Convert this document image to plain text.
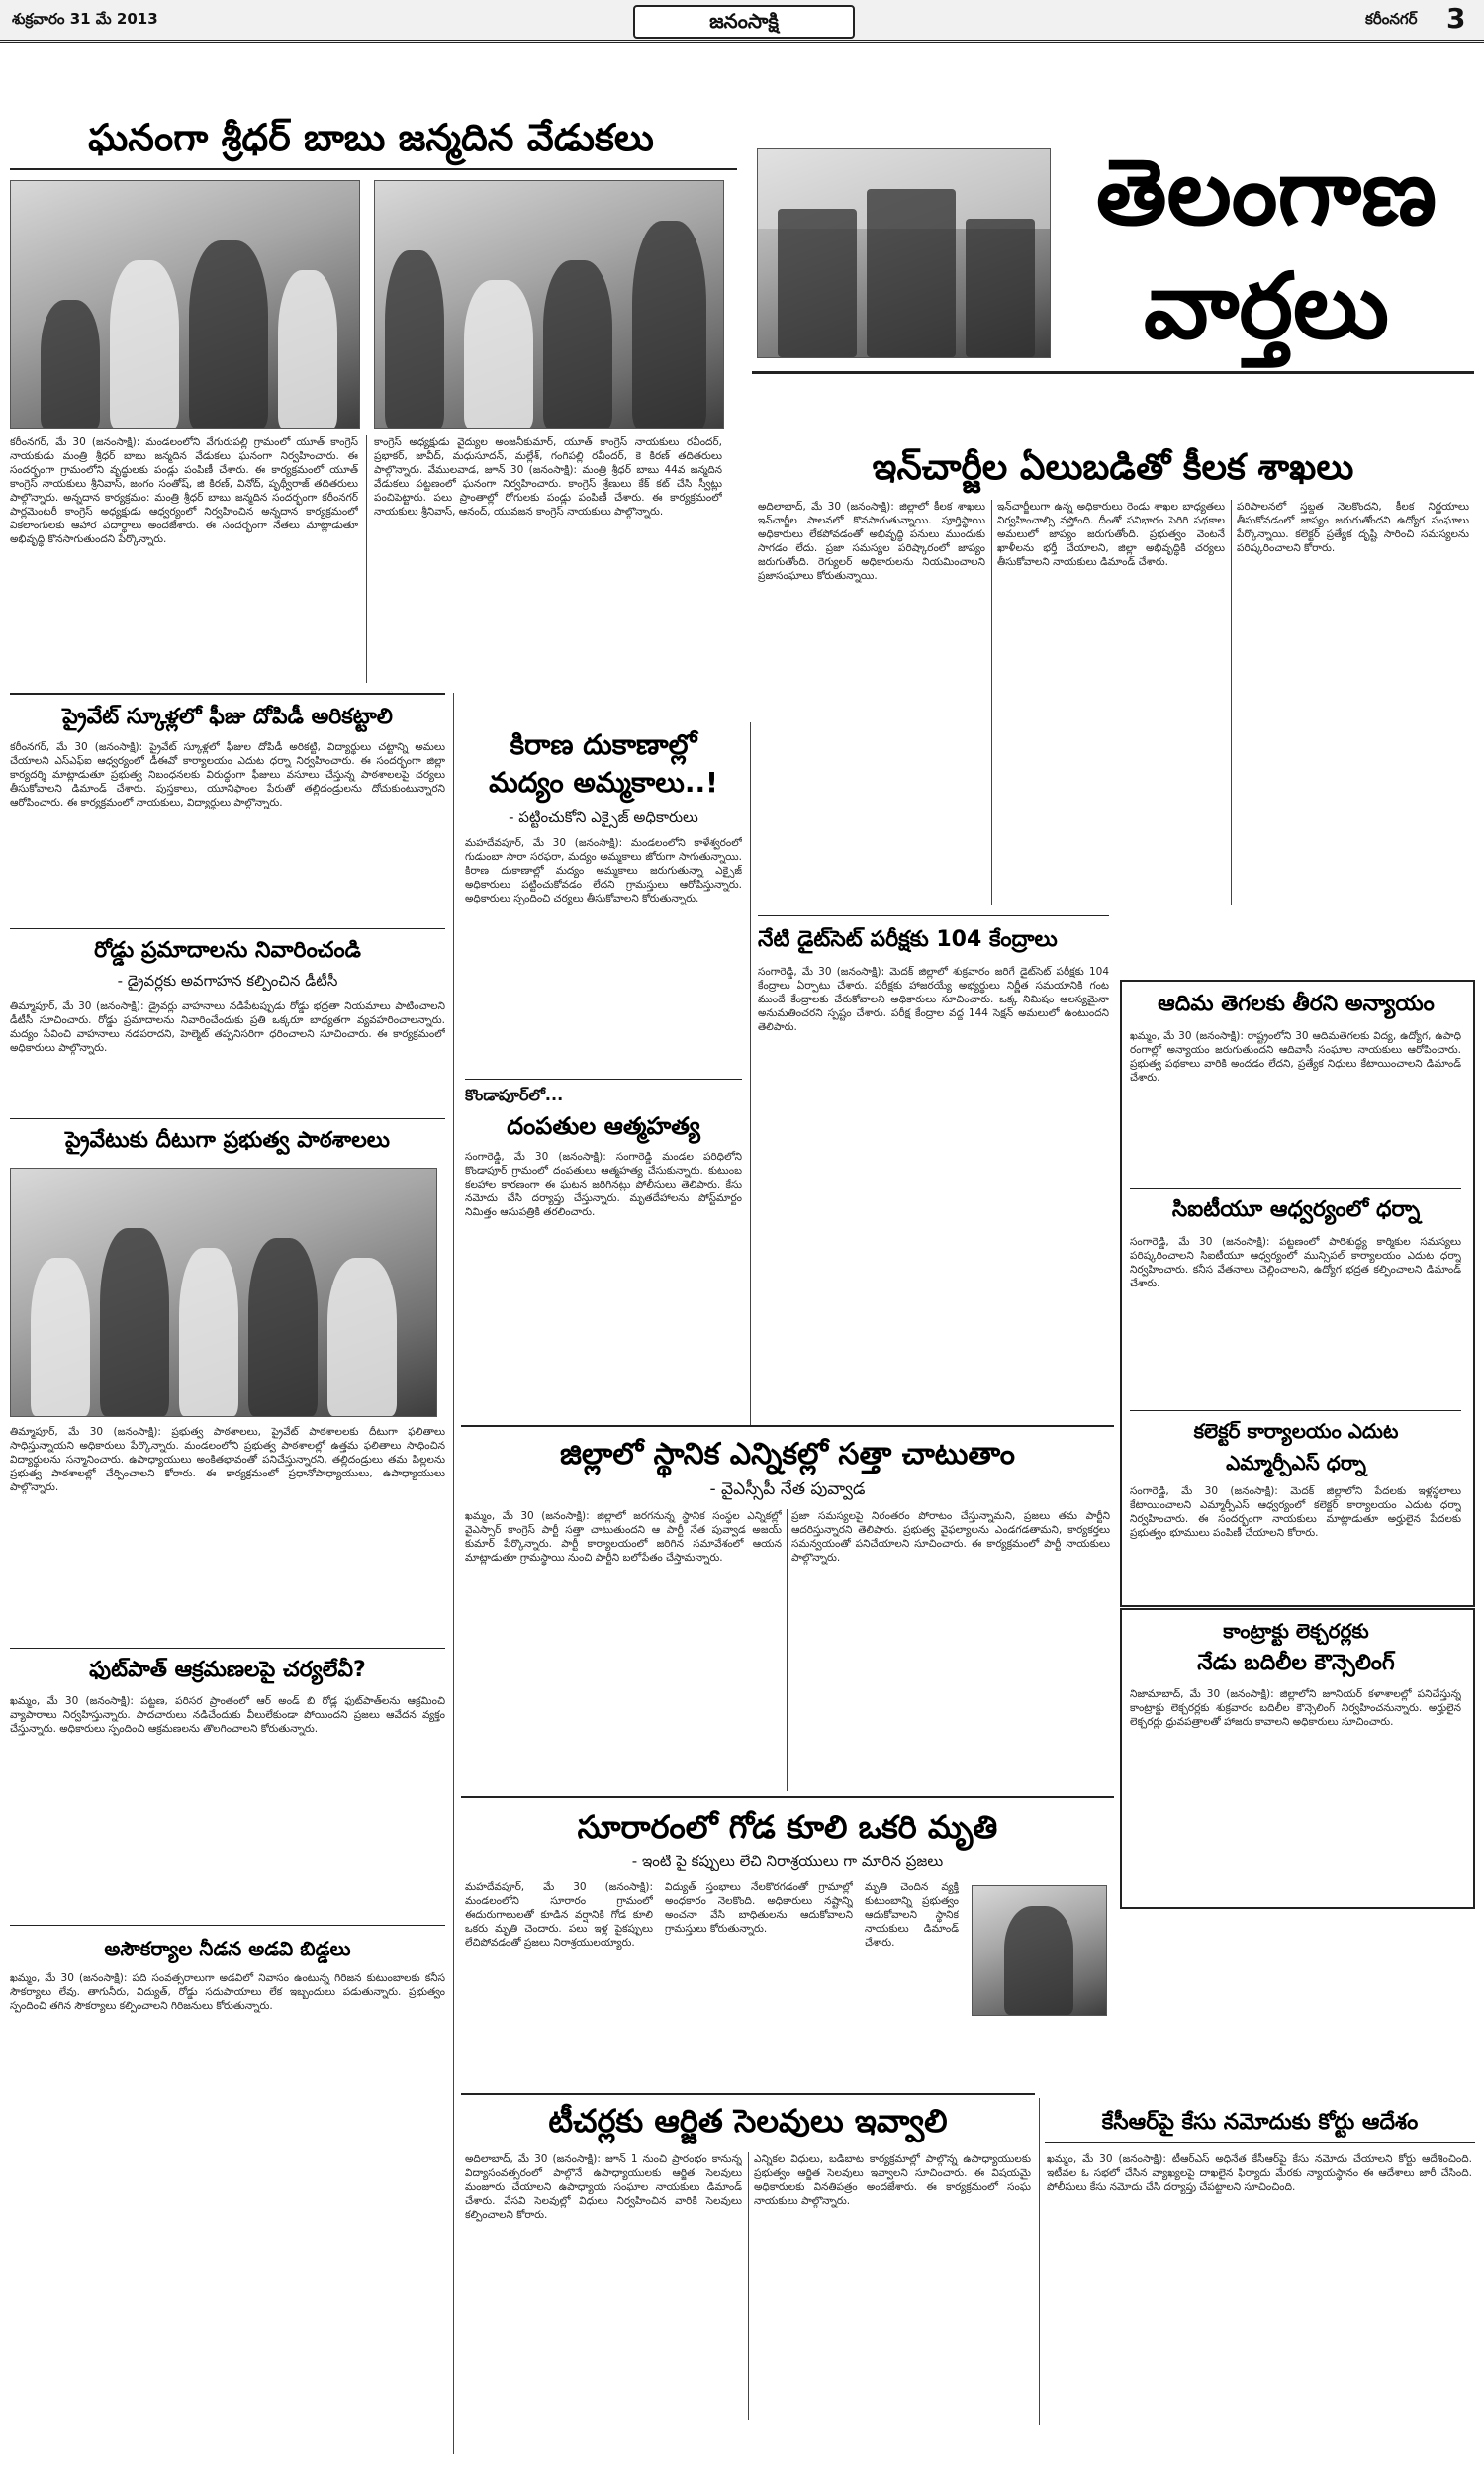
శుక్రవారం 31 మే 2013	జనంసాక్షి	కరీంనగర్ 3
ఘనంగా శ్రీధర్ బాబు జన్మదిన వేడుకలు
కరీంనగర్, మే 30 (జనంసాక్షి): మండలంలోని వేగురుపల్లి గ్రామంలో యూత్ కాంగ్రెస్ నాయకుడు మంత్రి శ్రీధర్ బాబు జన్మదిన వేడుకలు ఘనంగా నిర్వహించారు. ఈ సందర్భంగా గ్రామంలోని వృద్ధులకు పండ్లు పంపిణీ చేశారు. ఈ కార్యక్రమంలో యూత్ కాంగ్రెస్ నాయకులు శ్రీనివాస్, జంగం సంతోష్, జి కిరణ్, వినోద్, పృథ్వీరాజ్ తదితరులు పాల్గొన్నారు. అన్నదాన కార్యక్రమం: మంత్రి శ్రీధర్ బాబు జన్మదిన సందర్భంగా కరీంనగర్ పార్లమెంటరీ కాంగ్రెస్ అధ్యక్షుడు ఆధ్వర్యంలో నిర్వహించిన అన్నదాన కార్యక్రమంలో వికలాంగులకు ఆహార పదార్థాలు అందజేశారు. ఈ సందర్భంగా నేతలు మాట్లాడుతూ అభివృద్ధి కొనసాగుతుందని పేర్కొన్నారు.
కాంగ్రెస్ అధ్యక్షుడు వైద్యుల అంజనీకుమార్, యూత్ కాంగ్రెస్ నాయకులు రవీందర్, ప్రభాకర్, జావీద్, మధుసూదన్, మల్లేశ్, గంగిపల్లి రవీందర్, కె కిరణ్ తదితరులు పాల్గొన్నారు. వేములవాడ, జూన్ 30 (జనంసాక్షి): మంత్రి శ్రీధర్ బాబు 44వ జన్మదిన వేడుకలు పట్టణంలో ఘనంగా నిర్వహించారు. కాంగ్రెస్ శ్రేణులు కేక్ కట్ చేసి స్వీట్లు పంచిపెట్టారు. పలు ప్రాంతాల్లో రోగులకు పండ్లు పంపిణీ చేశారు. ఈ కార్యక్రమంలో నాయకులు శ్రీనివాస్, ఆనంద్, యువజన కాంగ్రెస్ నాయకులు పాల్గొన్నారు.
తెలంగాణ
వార్తలు
ప్రైవేట్ స్కూళ్లలో ఫీజు దోపిడీ అరికట్టాలి
కరీంనగర్, మే 30 (జనంసాక్షి): ప్రైవేట్ స్కూళ్లలో ఫీజుల దోపిడీ అరికట్టి, విద్యార్థులు చట్టాన్ని అమలు చేయాలని ఎస్ఎఫ్ఐ ఆధ్వర్యంలో డీఈవో కార్యాలయం ఎదుట ధర్నా నిర్వహించారు. ఈ సందర్భంగా జిల్లా కార్యదర్శి మాట్లాడుతూ ప్రభుత్వ నిబంధనలకు విరుద్ధంగా ఫీజులు వసూలు చేస్తున్న పాఠశాలలపై చర్యలు తీసుకోవాలని డిమాండ్ చేశారు. పుస్తకాలు, యూనిఫాంల పేరుతో తల్లిదండ్రులను దోచుకుంటున్నారని ఆరోపించారు. ఈ కార్యక్రమంలో నాయకులు, విద్యార్థులు పాల్గొన్నారు.
రోడ్డు ప్రమాదాలను నివారించండి
- డ్రైవర్లకు అవగాహన కల్పించిన డీటీసీ
తిమ్మాపూర్, మే 30 (జనంసాక్షి): డ్రైవర్లు వాహనాలు నడిపేటప్పుడు రోడ్డు భద్రతా నియమాలు పాటించాలని డీటీసీ సూచించారు. రోడ్డు ప్రమాదాలను నివారించేందుకు ప్రతి ఒక్కరూ బాధ్యతగా వ్యవహరించాలన్నారు. మద్యం సేవించి వాహనాలు నడపరాదని, హెల్మెట్ తప్పనిసరిగా ధరించాలని సూచించారు. ఈ కార్యక్రమంలో అధికారులు పాల్గొన్నారు.
ప్రైవేటుకు దీటుగా ప్రభుత్వ పాఠశాలలు
తిమ్మాపూర్, మే 30 (జనంసాక్షి): ప్రభుత్వ పాఠశాలలు, ప్రైవేట్ పాఠశాలలకు దీటుగా ఫలితాలు సాధిస్తున్నాయని అధికారులు పేర్కొన్నారు. మండలంలోని ప్రభుత్వ పాఠశాలల్లో ఉత్తమ ఫలితాలు సాధించిన విద్యార్థులను సన్మానించారు. ఉపాధ్యాయులు అంకితభావంతో పనిచేస్తున్నారని, తల్లిదండ్రులు తమ పిల్లలను ప్రభుత్వ పాఠశాలల్లో చేర్పించాలని కోరారు. ఈ కార్యక్రమంలో ప్రధానోపాధ్యాయులు, ఉపాధ్యాయులు పాల్గొన్నారు.
ఫుట్‌పాత్ ఆక్రమణలపై చర్యలేవీ?
ఖమ్మం, మే 30 (జనంసాక్షి): పట్టణ, పరిసర ప్రాంతంలో ఆర్ అండ్ బి రోడ్ల ఫుట్‌పాత్‌లను ఆక్రమించి వ్యాపారాలు నిర్వహిస్తున్నారు. పాదచారులు నడిచేందుకు వీలులేకుండా పోయిందని ప్రజలు ఆవేదన వ్యక్తం చేస్తున్నారు. అధికారులు స్పందించి ఆక్రమణలను తొలగించాలని కోరుతున్నారు.
అసౌకర్యాల నీడన అడవి బిడ్డలు
ఖమ్మం, మే 30 (జనంసాక్షి): పది సంవత్సరాలుగా అడవిలో నివాసం ఉంటున్న గిరిజన కుటుంబాలకు కనీస సౌకర్యాలు లేవు. తాగునీరు, విద్యుత్, రోడ్డు సదుపాయాలు లేక ఇబ్బందులు పడుతున్నారు. ప్రభుత్వం స్పందించి తగిన సౌకర్యాలు కల్పించాలని గిరిజనులు కోరుతున్నారు.
కిరాణ దుకాణాల్లో
మద్యం అమ్మకాలు..!
- పట్టించుకోని ఎక్సైజ్ అధికారులు
మహదేవపూర్, మే 30 (జనంసాక్షి): మండలంలోని కాళేశ్వరంలో గుడుంబా సారా సరఫరా, మద్యం అమ్మకాలు జోరుగా సాగుతున్నాయి. కిరాణ దుకాణాల్లో మద్యం అమ్మకాలు జరుగుతున్నా ఎక్సైజ్ అధికారులు పట్టించుకోవడం లేదని గ్రామస్తులు ఆరోపిస్తున్నారు. అధికారులు స్పందించి చర్యలు తీసుకోవాలని కోరుతున్నారు.
కొండాపూర్‌లో...
దంపతుల ఆత్మహత్య
సంగారెడ్డి, మే 30 (జనంసాక్షి): సంగారెడ్డి మండల పరిధిలోని కొండాపూర్ గ్రామంలో దంపతులు ఆత్మహత్య చేసుకున్నారు. కుటుంబ కలహాల కారణంగా ఈ ఘటన జరిగినట్లు పోలీసులు తెలిపారు. కేసు నమోదు చేసి దర్యాప్తు చేస్తున్నారు. మృతదేహాలను పోస్ట్‌మార్టం నిమిత్తం ఆసుపత్రికి తరలించారు.
ఇన్‌చార్జీల ఏలుబడితో కీలక శాఖలు
అదిలాబాద్, మే 30 (జనంసాక్షి): జిల్లాలో కీలక శాఖలు ఇన్‌చార్జీల పాలనలో కొనసాగుతున్నాయి. పూర్తిస్థాయి అధికారులు లేకపోవడంతో అభివృద్ధి పనులు ముందుకు సాగడం లేదు. ప్రజా సమస్యల పరిష్కారంలో జాప్యం జరుగుతోంది. రెగ్యులర్ అధికారులను నియమించాలని ప్రజాసంఘాలు కోరుతున్నాయి.
ఇన్‌చార్జీలుగా ఉన్న అధికారులు రెండు శాఖల బాధ్యతలు నిర్వహించాల్సి వస్తోంది. దీంతో పనిభారం పెరిగి పథకాల అమలులో జాప్యం జరుగుతోంది. ప్రభుత్వం వెంటనే ఖాళీలను భర్తీ చేయాలని, జిల్లా అభివృద్ధికి చర్యలు తీసుకోవాలని నాయకులు డిమాండ్ చేశారు.
పరిపాలనలో స్తబ్దత నెలకొందని, కీలక నిర్ణయాలు తీసుకోవడంలో జాప్యం జరుగుతోందని ఉద్యోగ సంఘాలు పేర్కొన్నాయి. కలెక్టర్ ప్రత్యేక దృష్టి సారించి సమస్యలను పరిష్కరించాలని కోరారు.
నేటి డైట్‌సెట్ పరీక్షకు 104 కేంద్రాలు
సంగారెడ్డి, మే 30 (జనంసాక్షి): మెదక్ జిల్లాలో శుక్రవారం జరిగే డైట్‌సెట్ పరీక్షకు 104 కేంద్రాలు ఏర్పాటు చేశారు. పరీక్షకు హాజరయ్యే అభ్యర్థులు నిర్ణీత సమయానికి గంట ముందే కేంద్రాలకు చేరుకోవాలని అధికారులు సూచించారు. ఒక్క నిమిషం ఆలస్యమైనా అనుమతించరని స్పష్టం చేశారు. పరీక్ష కేంద్రాల వద్ద 144 సెక్షన్ అమలులో ఉంటుందని తెలిపారు.
ఆదిమ తెగలకు తీరని అన్యాయం
ఖమ్మం, మే 30 (జనంసాక్షి): రాష్ట్రంలోని 30 ఆదిమతెగలకు విద్య, ఉద్యోగ, ఉపాధి రంగాల్లో అన్యాయం జరుగుతుందని ఆదివాసీ సంఘాల నాయకులు ఆరోపించారు. ప్రభుత్వ పథకాలు వారికి అందడం లేదని, ప్రత్యేక నిధులు కేటాయించాలని డిమాండ్ చేశారు.
సిఐటీయూ ఆధ్వర్యంలో ధర్నా
సంగారెడ్డి, మే 30 (జనంసాక్షి): పట్టణంలో పారిశుద్ధ్య కార్మికుల సమస్యలు పరిష్కరించాలని సిఐటీయూ ఆధ్వర్యంలో మున్సిపల్ కార్యాలయం ఎదుట ధర్నా నిర్వహించారు. కనీస వేతనాలు చెల్లించాలని, ఉద్యోగ భద్రత కల్పించాలని డిమాండ్ చేశారు.
కలెక్టర్ కార్యాలయం ఎదుట
ఎమ్మార్పీఎస్ ధర్నా
సంగారెడ్డి, మే 30 (జనంసాక్షి): మెదక్ జిల్లాలోని పేదలకు ఇళ్లస్థలాలు కేటాయించాలని ఎమ్మార్పీఎస్ ఆధ్వర్యంలో కలెక్టర్ కార్యాలయం ఎదుట ధర్నా నిర్వహించారు. ఈ సందర్భంగా నాయకులు మాట్లాడుతూ అర్హులైన పేదలకు ప్రభుత్వం భూములు పంపిణీ చేయాలని కోరారు.
కాంట్రాక్టు లెక్చరర్లకు
నేడు బదిలీల కౌన్సెలింగ్
నిజామాబాద్, మే 30 (జనంసాక్షి): జిల్లాలోని జూనియర్ కళాశాలల్లో పనిచేస్తున్న కాంట్రాక్టు లెక్చరర్లకు శుక్రవారం బదిలీల కౌన్సెలింగ్ నిర్వహించనున్నారు. అర్హులైన లెక్చరర్లు ధ్రువపత్రాలతో హాజరు కావాలని అధికారులు సూచించారు.
జిల్లాలో స్థానిక ఎన్నికల్లో సత్తా చాటుతాం
- వైఎస్సీపీ నేత పువ్వాడ
ఖమ్మం, మే 30 (జనంసాక్షి): జిల్లాలో జరగనున్న స్థానిక సంస్థల ఎన్నికల్లో వైఎస్సార్ కాంగ్రెస్ పార్టీ సత్తా చాటుతుందని ఆ పార్టీ నేత పువ్వాడ అజయ్ కుమార్ పేర్కొన్నారు. పార్టీ కార్యాలయంలో జరిగిన సమావేశంలో ఆయన మాట్లాడుతూ గ్రామస్థాయి నుంచి పార్టీని బలోపేతం చేస్తామన్నారు.
ప్రజా సమస్యలపై నిరంతరం పోరాటం చేస్తున్నామని, ప్రజలు తమ పార్టీని ఆదరిస్తున్నారని తెలిపారు. ప్రభుత్వ వైఫల్యాలను ఎండగడతామని, కార్యకర్తలు సమన్వయంతో పనిచేయాలని సూచించారు. ఈ కార్యక్రమంలో పార్టీ నాయకులు పాల్గొన్నారు.
సూరారంలో గోడ కూలి ఒకరి మృతి
- ఇంటి పై కప్పులు లేచి నిరాశ్రయులు గా మారిన ప్రజలు
మహదేవపూర్, మే 30 (జనంసాక్షి): మండలంలోని సూరారం గ్రామంలో ఈదురుగాలులతో కూడిన వర్షానికి గోడ కూలి ఒకరు మృతి చెందారు. పలు ఇళ్ల పైకప్పులు లేచిపోవడంతో ప్రజలు నిరాశ్రయులయ్యారు.
విద్యుత్ స్తంభాలు నేలకొరగడంతో గ్రామాల్లో అంధకారం నెలకొంది. అధికారులు నష్టాన్ని అంచనా వేసి బాధితులను ఆదుకోవాలని గ్రామస్తులు కోరుతున్నారు.
మృతి చెందిన వ్యక్తి కుటుంబాన్ని ప్రభుత్వం ఆదుకోవాలని స్థానిక నాయకులు డిమాండ్ చేశారు.
టీచర్లకు ఆర్జిత సెలవులు ఇవ్వాలి
అదిలాబాద్, మే 30 (జనంసాక్షి): జూన్ 1 నుంచి ప్రారంభం కానున్న విద్యాసంవత్సరంలో పాల్గొనే ఉపాధ్యాయులకు ఆర్జిత సెలవులు మంజూరు చేయాలని ఉపాధ్యాయ సంఘాల నాయకులు డిమాండ్ చేశారు. వేసవి సెలవుల్లో విధులు నిర్వహించిన వారికి సెలవులు కల్పించాలని కోరారు.
ఎన్నికల విధులు, బడిబాట కార్యక్రమాల్లో పాల్గొన్న ఉపాధ్యాయులకు ప్రభుత్వం ఆర్జిత సెలవులు ఇవ్వాలని సూచించారు. ఈ విషయమై అధికారులకు వినతిపత్రం అందజేశారు. ఈ కార్యక్రమంలో సంఘ నాయకులు పాల్గొన్నారు.
కేసీఆర్‌పై కేసు నమోదుకు కోర్టు ఆదేశం
ఖమ్మం, మే 30 (జనంసాక్షి): టీఆర్ఎస్ అధినేత కేసీఆర్‌పై కేసు నమోదు చేయాలని కోర్టు ఆదేశించింది. ఇటీవల ఓ సభలో చేసిన వ్యాఖ్యలపై దాఖలైన ఫిర్యాదు మేరకు న్యాయస్థానం ఈ ఆదేశాలు జారీ చేసింది. పోలీసులు కేసు నమోదు చేసి దర్యాప్తు చేపట్టాలని సూచించింది.
